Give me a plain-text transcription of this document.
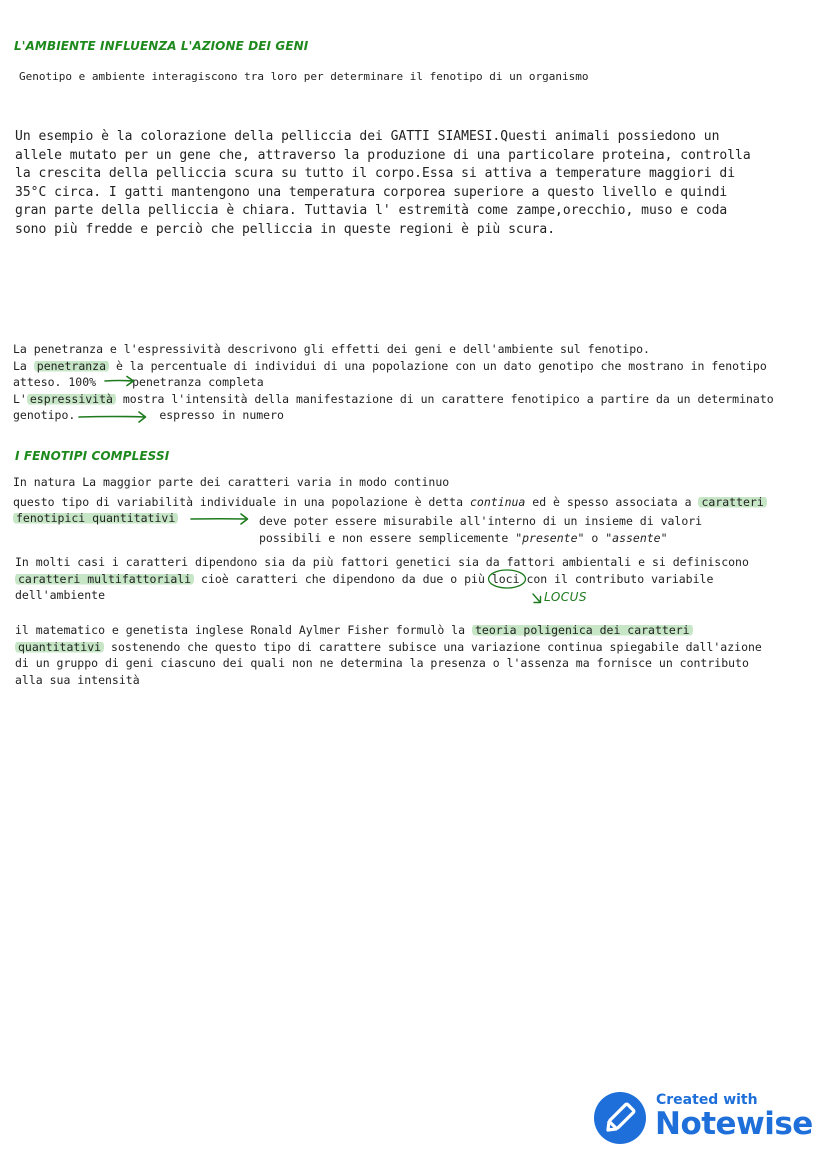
L'AMBIENTE INFLUENZA L'AZIONE DEI GENI
Genotipo e ambiente interagiscono tra loro per determinare il fenotipo di un organismo
Un esempio è la colorazione della pelliccia dei GATTI SIAMESI.Questi animali possiedono un
allele mutato per un gene che, attraverso la produzione di una particolare proteina, controlla
la crescita della pelliccia scura su tutto il corpo.Essa si attiva a temperature maggiori di
35°C circa. I gatti mantengono una temperatura corporea superiore a questo livello e quindi
gran parte della pelliccia è chiara. Tuttavia l' estremità come zampe,orecchio, muso e coda
sono più fredde e perciò che pelliccia in queste regioni è più scura.
La penetranza e l'espressività descrivono gli effetti dei geni e dell'ambiente sul fenotipo.
La penetranza è la percentuale di individui di una popolazione con un dato genotipo che mostrano in fenotipo
atteso. 100%	penetranza completa
L' espressività mostra l'intensità della manifestazione di un carattere fenotipico a partire da un determinato
genotipo.	espresso in numero
I FENOTIPI COMPLESSI
In natura La maggior parte dei caratteri varia in modo continuo
questo tipo di variabilità individuale in una popolazione è detta continua ed è spesso associata a caratteri
fenotipici quantitativi	deve poter essere misurabile all'interno di un insieme di valori
possibili e non essere semplicemente "presente" o "assente"
In molti casi i caratteri dipendono sia da più fattori genetici sia da fattori ambientali e si definiscono
caratteri multifattoriali cioè caratteri che dipendono da due o più loci
con il contributo variabile
dell'ambiente	LOCUS
il matematico e genetista inglese Ronald Aylmer Fisher formulò la teoria poligenica dei caratteri
quantitativi sostenendo che questo tipo di carattere subisce una variazione continua spiegabile dall'azione
di un gruppo di geni ciascuno dei quali non ne determina la presenza o l'assenza ma fornisce un contributo
alla sua intensità
Created with
Notewise
